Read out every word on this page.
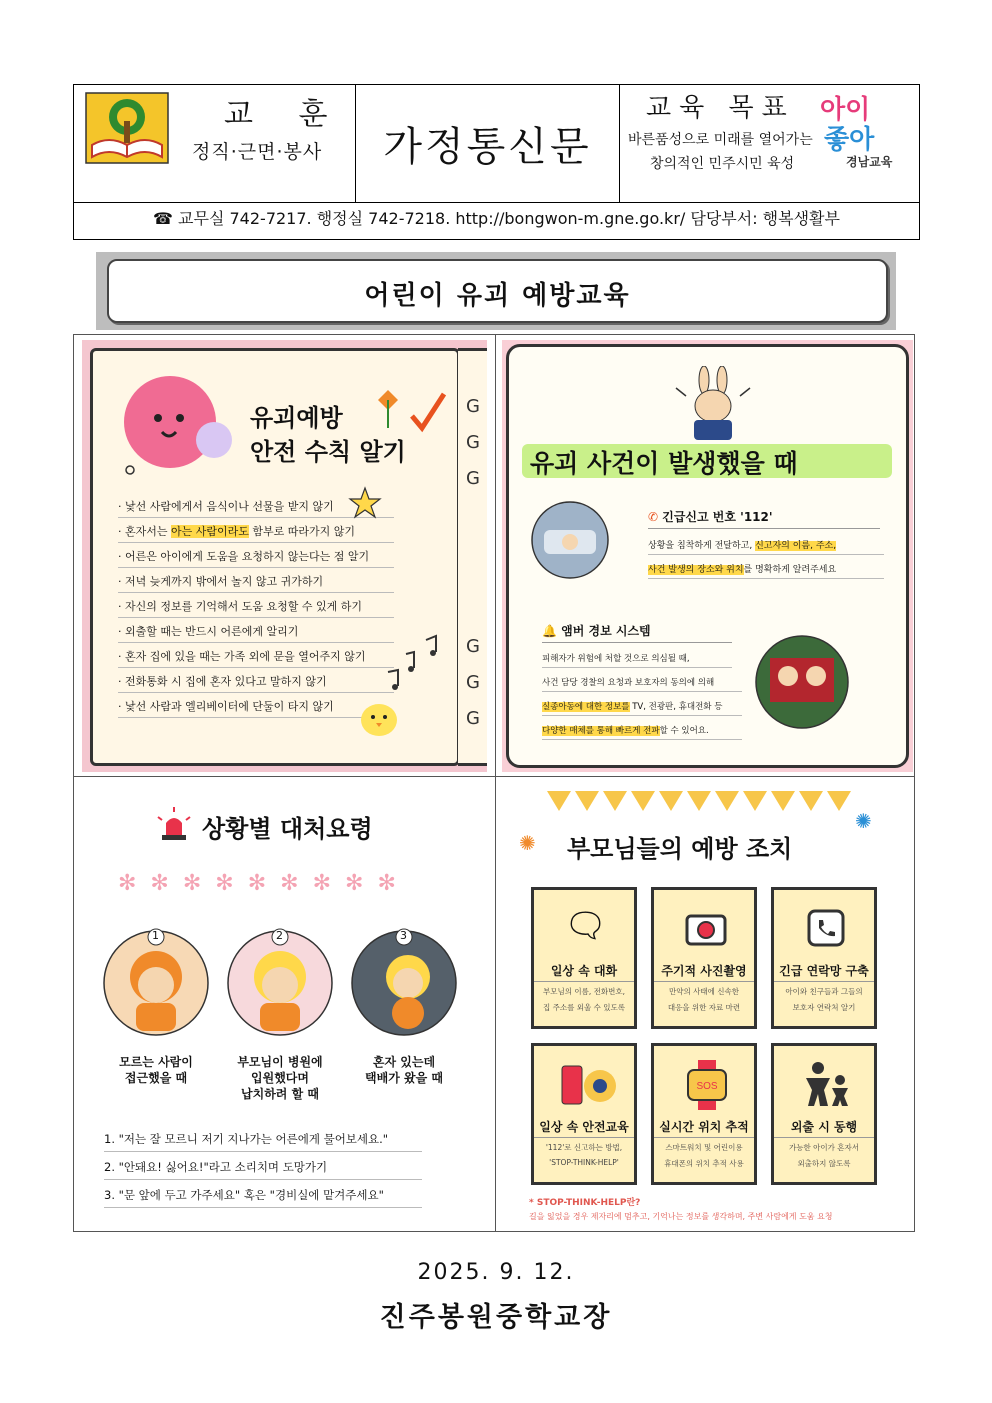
교 훈
정직·근면·봉사	가정통신문
교육 목표
바른품성으로 미래를 열어가는
창의적인 민주시민 육성
아이
좋아
경남교육
☎ 교무실 742-7217. 행정실 742-7218. http://bongwon-m.gne.go.kr/ 담당부서: 행복생활부
어린이 유괴 예방교육
G
G
G
G
G
G
유괴예방
안전 수칙 알기
· 낯선 사람에게서 음식이나 선물을 받지 않기
· 혼자서는 아는 사람이라도 함부로 따라가지 않기
· 어른은 아이에게 도움을 요청하지 않는다는 점 알기
· 저녁 늦게까지 밖에서 놀지 않고 귀가하기
· 자신의 정보를 기억해서 도움 요청할 수 있게 하기
· 외출할 때는 반드시 어른에게 알리기
· 혼자 집에 있을 때는 가족 외에 문을 열어주지 않기
· 전화통화 시 집에 혼자 있다고 말하지 않기
· 낯선 사람과 엘리베이터에 단둘이 타지 않기
유괴 사건이 발생했을 때
✆ 긴급신고 번호 '112'
상황을 침착하게 전달하고, 신고자의 이름, 주소,
사건 발생의 장소와 위치를 명확하게 알려주세요
🔔 앰버 경보 시스템
피해자가 위험에 처할 것으로 의심될 때,
사건 담당 경찰의 요청과 보호자의 동의에 의해
실종아동에 대한 정보를 TV, 전광판, 휴대전화 등
다양한 매체를 통해 빠르게 전파할 수 있어요.
상황별 대처요령
✻✻✻✻✻✻✻✻✻
1
모르는 사람이
접근했을 때
2
부모님이 병원에
입원했다며
납치하려 할 때
3
혼자 있는데
택배가 왔을 때
1. "저는 잘 모르니 저기 지나가는 어른에게 물어보세요."
2. "안돼요! 싫어요!"라고 소리치며 도망가기
3. "문 앞에 두고 가주세요" 혹은 "경비실에 맡겨주세요"
부모님들의 예방 조치
✺
✺
🗨
일상 속 대화
부모님의 이름, 전화번호,
집 주소를 외울 수 있도록
주기적 사진촬영
만약의 사태에 신속한
대응을 위한 자료 마련
긴급 연락망 구축
아이와 친구들과 그들의
보호자 연락처 알기
일상 속 안전교육
'112'로 신고하는 방법,
'STOP-THINK-HELP'
SOS
실시간 위치 추적
스마트워치 및 어린이용
휴대폰의 위치 추적 사용
외출 시 동행
가능한 아이가 혼자서
외출하지 않도록
* STOP-THINK-HELP란?
길을 잃었을 경우 제자리에 멈추고, 기억나는 정보를 생각하며, 주변 사람에게 도움 요청
2025. 9. 12.
진주봉원중학교장
